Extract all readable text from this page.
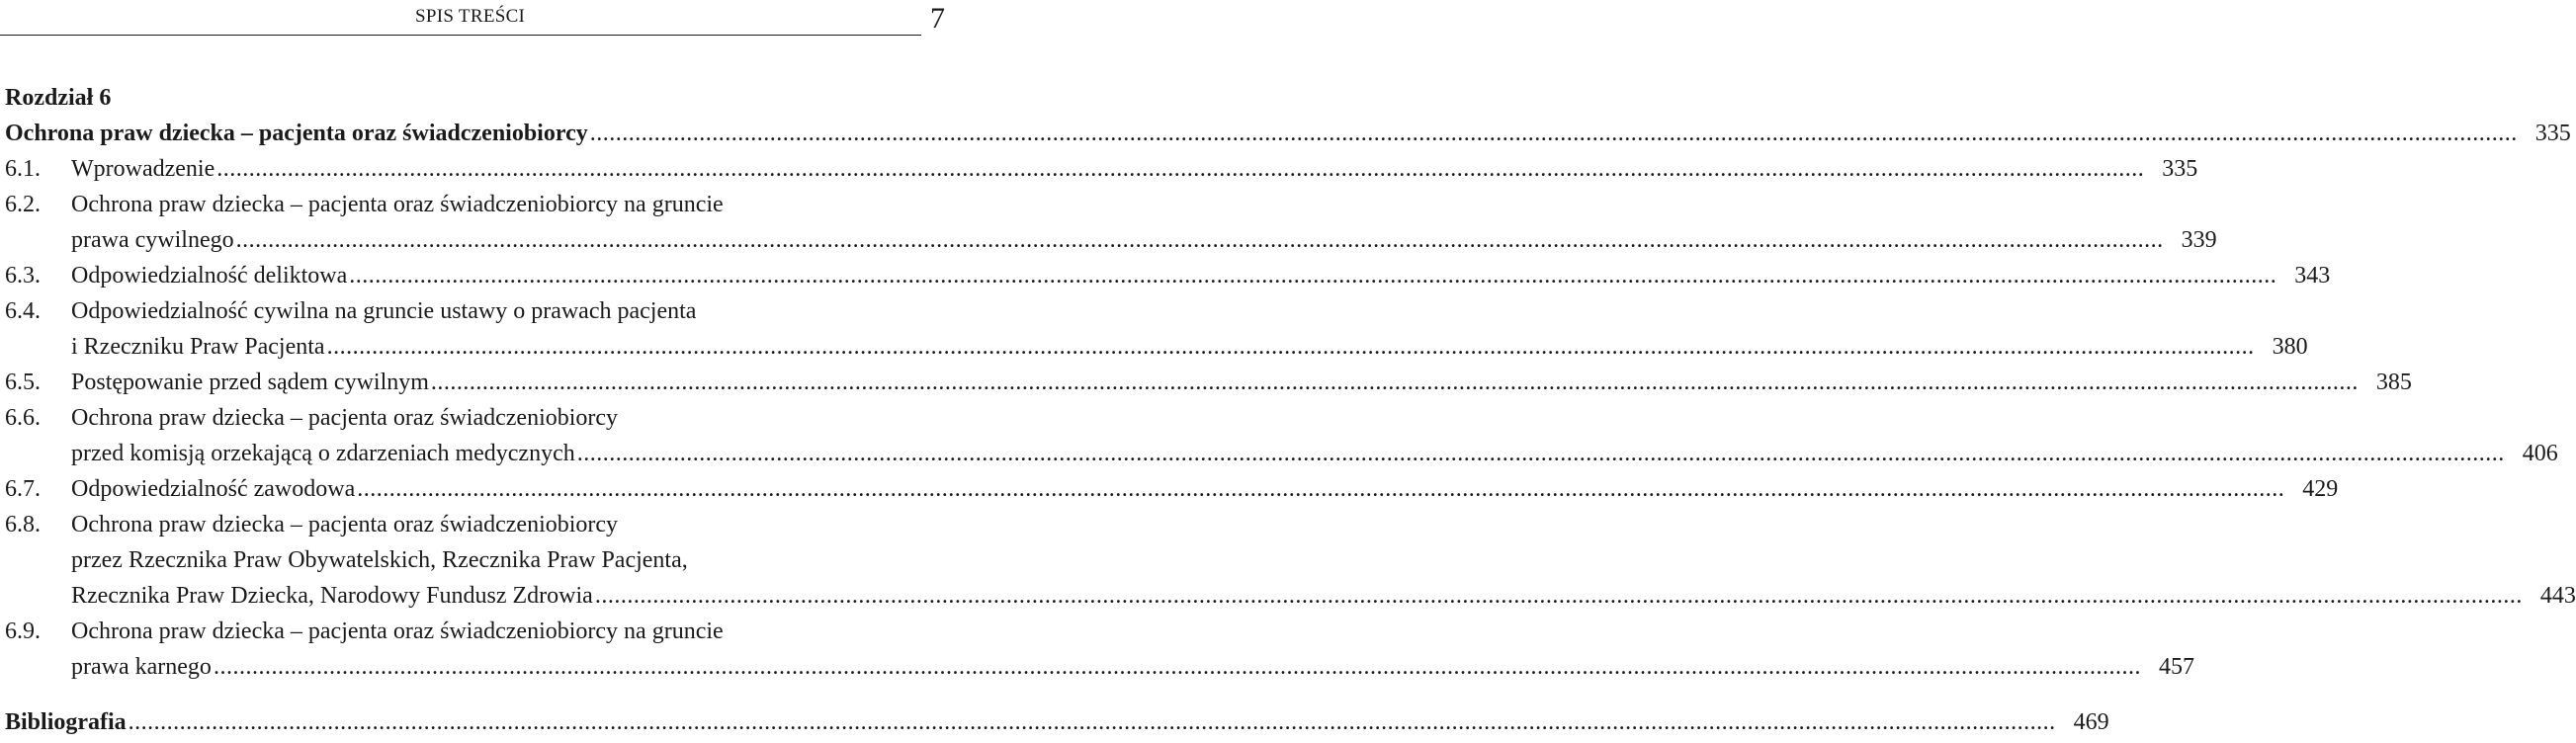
SPIS TREŚCI	7
Rozdział 6
Ochrona praw dziecka – pacjenta oraz świadczeniobiorcy ............................................................................................................................................................................................................................................................................................................ 335
6.1. Wprowadzenie ............................................................................................................................................................................................................................................................................................................ 335
6.2. Ochrona praw dziecka – pacjenta oraz świadczeniobiorcy na gruncie
prawa cywilnego ............................................................................................................................................................................................................................................................................................................ 339
6.3. Odpowiedzialność deliktowa ............................................................................................................................................................................................................................................................................................................ 343
6.4. Odpowiedzialność cywilna na gruncie ustawy o prawach pacjenta
i Rzeczniku Praw Pacjenta ............................................................................................................................................................................................................................................................................................................ 380
6.5. Postępowanie przed sądem cywilnym ............................................................................................................................................................................................................................................................................................................ 385
6.6. Ochrona praw dziecka – pacjenta oraz świadczeniobiorcy
przed komisją orzekającą o zdarzeniach medycznych ............................................................................................................................................................................................................................................................................................................ 406
6.7. Odpowiedzialność zawodowa ............................................................................................................................................................................................................................................................................................................ 429
6.8. Ochrona praw dziecka – pacjenta oraz świadczeniobiorcy
przez Rzecznika Praw Obywatelskich, Rzecznika Praw Pacjenta,
Rzecznika Praw Dziecka, Narodowy Fundusz Zdrowia ............................................................................................................................................................................................................................................................................................................ 443
6.9. Ochrona praw dziecka – pacjenta oraz świadczeniobiorcy na gruncie
prawa karnego ............................................................................................................................................................................................................................................................................................................ 457
Bibliografia ............................................................................................................................................................................................................................................................................................................ 469
